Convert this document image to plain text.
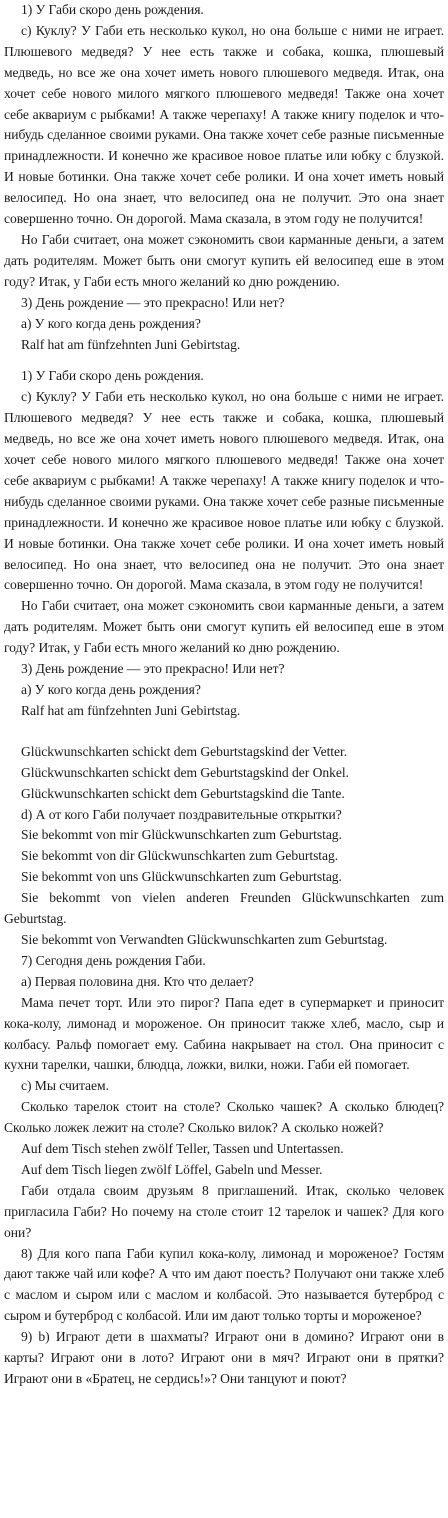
1) У Габи скоро день рождения.

с) Куклу? У Габи еть несколько кукол, но она больше с ними не играет. Плюшевого медведя? У нее есть также и собака, кошка, плюшевый медведь, но все же она хочет иметь нового плюшевого медведя. Итак, она хочет себе нового милого мягкого плюшевого медведя! Также она хочет себе аквариум с рыбками! А также черепаху! А также книгу поделок и что-нибудь сделанное своими руками. Она также хочет себе разные письменные принадлежности. И конечно же красивое новое платье или юбку с блузкой. И новые ботинки. Она также хочет себе ролики. И она хочет иметь новый велосипед. Но она знает, что велосипед она не получит. Это она знает совершенно точно. Он дорогой. Мама сказала, в этом году не получится!

Но Габи считает, она может сэкономить свои карманные деньги, а затем дать родителям. Может быть они смогут купить ей велосипед еше в этом году? Итак, у Габи есть много желаний ко дню рождению.

3) День рождение — это прекрасно! Или нет?

а) У кого когда день рождения?

Ralf hat am fünfzehnten Juni Gebirtstag.

1) У Габи скоро день рождения.

с) Куклу? У Габи еть несколько кукол, но она больше с ними не играет. Плюшевого медведя? У нее есть также и собака, кошка, плюшевый медведь, но все же она хочет иметь нового плюшевого медведя. Итак, она хочет себе нового милого мягкого плюшевого медведя! Также она хочет себе аквариум с рыбками! А также черепаху! А также книгу поделок и что-нибудь сделанное своими руками. Она также хочет себе разные письменные принадлежности. И конечно же красивое новое платье или юбку с блузкой. И новые ботинки. Она также хочет себе ролики. И она хочет иметь новый велосипед. Но она знает, что велосипед она не получит. Это она знает совершенно точно. Он дорогой. Мама сказала, в этом году не получится!

Но Габи считает, она может сэкономить свои карманные деньги, а затем дать родителям. Может быть они смогут купить ей велосипед еше в этом году? Итак, у Габи есть много желаний ко дню рождению.

3) День рождение — это прекрасно! Или нет?

а) У кого когда день рождения?

Ralf hat am fünfzehnten Juni Gebirtstag.

Glückwunschkarten schickt dem Geburtstagskind der Vetter.

Glückwunschkarten schickt dem Geburtstagskind der Onkel.

Glückwunschkarten schickt dem Geburtstagskind die Tante.

d) А от кого Габи получает поздравительные открытки?

Sie bekommt von mir Glückwunschkarten zum Geburtstag.

Sie bekommt von dir Glückwunschkarten zum Geburtstag.

Sie bekommt von uns Glückwunschkarten zum Geburtstag.

Sie bekommt von vielen anderen Freunden Glückwunschkarten zum Geburtstag.

Sie bekommt von Verwandten Glückwunschkarten zum Geburtstag.

7) Сегодня день рождения Габи.

а) Первая половина дня. Кто что делает?

Мама печет торт. Или это пирог? Папа едет в супермаркет и приносит кока-колу, лимонад и мороженое. Он приносит также хлеб, масло, сыр и колбасу. Ральф помогает ему. Сабина накрывает на стол. Она приносит с кухни тарелки, чашки, блюдца, ложки, вилки, ножи. Габи ей помогает.

с) Мы считаем.

Сколько тарелок стоит на столе? Сколько чашек? А сколько блюдец? Сколько ложек лежит на столе? Сколько вилок? А сколько ножей?

Auf dem Tisch stehen zwölf Teller, Tassen und Untertassen.

Auf dem Tisch liegen zwölf Löffel, Gabeln und Messer.

Габи отдала своим друзьям 8 приглашений. Итак, сколько человек пригласила Габи? Но почему на столе стоит 12 тарелок и чашек? Для кого они?

8) Для кого папа Габи купил кока-колу, лимонад и мороженое? Гостям дают также чай или кофе? А что им дают поесть? Получают они также хлеб с маслом и сыром или с маслом и колбасой. Это называется бутерброд с сыром и бутерброд с колбасой. Или им дают только торты и мороженое?

9) b) Играют дети в шахматы? Играют они в домино? Играют они в карты? Играют они в лото? Играют они в мяч? Играют они в прятки? Играют они в «Братец, не сердись!»? Они танцуют и поют?
